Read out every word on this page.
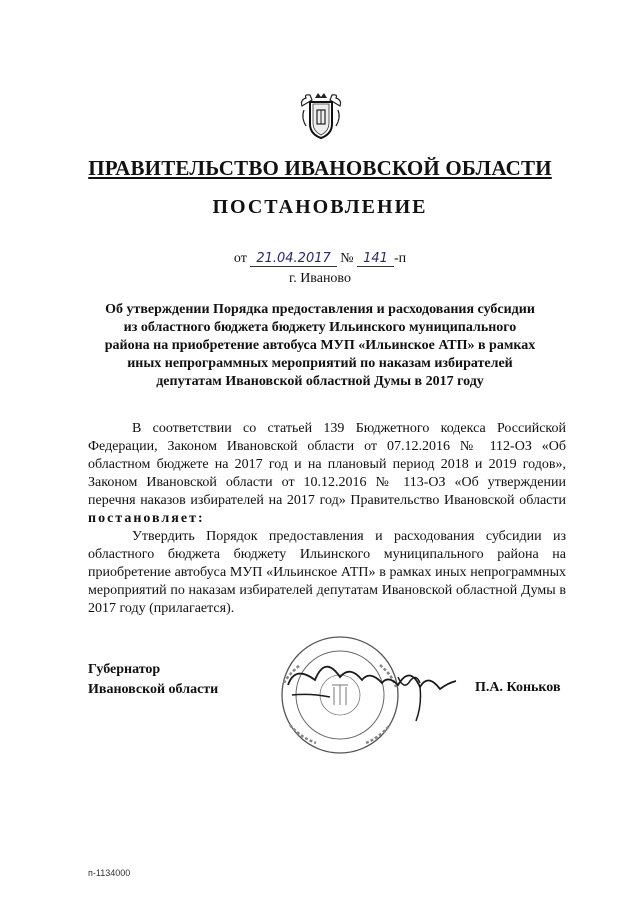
ПРАВИТЕЛЬСТВО ИВАНОВСКОЙ ОБЛАСТИ
ПОСТАНОВЛЕНИЕ
от 21.04.2017 № 141 -п
г. Иваново
Об утверждении Порядка предоставления и расходования субсидии из областного бюджета бюджету Ильинского муниципального района на приобретение автобуса МУП «Ильинское АТП» в рамках иных непрограммных мероприятий по наказам избирателей депутатам Ивановской областной Думы в 2017 году

В соответствии со статьей 139 Бюджетного кодекса Российской Федерации, Законом Ивановской области от 07.12.2016 № 112-ОЗ «Об областном бюджете на 2017 год и на плановый период 2018 и 2019 годов», Законом Ивановской области от 10.12.2016 № 113-ОЗ «Об утверждении перечня наказов избирателей на 2017 год» Правительство Ивановской области постановляет:

Утвердить Порядок предоставления и расходования субсидии из областного бюджета бюджету Ильинского муниципального района на приобретение автобуса МУП «Ильинское АТП» в рамках иных непрограммных мероприятий по наказам избирателей депутатам Ивановской областной Думы в 2017 году (прилагается).

Губернатор
Ивановской области	П.А. Коньков
п-1134000
